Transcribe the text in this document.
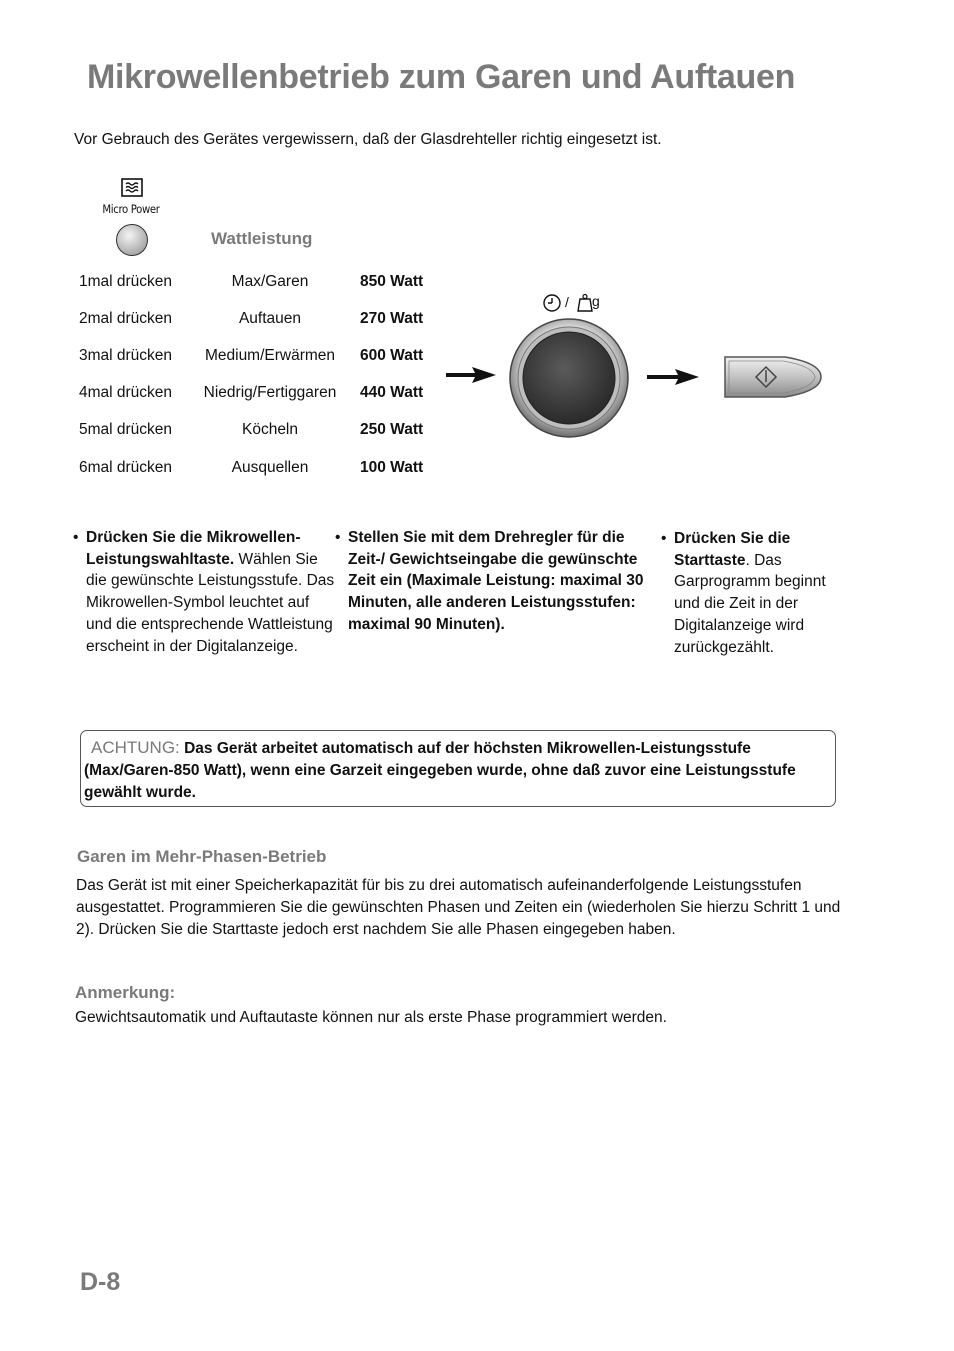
Mikrowellenbetrieb zum Garen und Auftauen
Vor Gebrauch des Gerätes vergewissern, daß der Glasdrehteller richtig eingesetzt ist.
Micro Power
Wattleistung
1mal drücken	Max/Garen	850 Watt
2mal drücken	Auftauen	270 Watt
3mal drücken	Medium/Erwärmen	600 Watt
4mal drücken	Niedrig/Fertiggaren	440 Watt
5mal drücken	Köcheln	250 Watt
6mal drücken	Ausquellen	100 Watt
/ g
• Drücken Sie die Mikrowellen-Leistungswahltaste. Wählen Sie die gewünschte Leistungsstufe. Das Mikrowellen-Symbol leuchtet auf und die entsprechende Wattleistung erscheint in der Digitalanzeige.
• Stellen Sie mit dem Drehregler für die Zeit-/ Gewichtseingabe die gewünschte Zeit ein (Maximale Leistung: maximal 30 Minuten, alle anderen Leistungsstufen: maximal 90 Minuten).
• Drücken Sie die Starttaste. Das Garprogramm beginnt und die Zeit in der Digitalanzeige wird zurückgezählt.
ACHTUNG: Das Gerät arbeitet automatisch auf der höchsten Mikrowellen-Leistungsstufe (Max/Garen-850 Watt), wenn eine Garzeit eingegeben wurde, ohne daß zuvor eine Leistungsstufe gewählt wurde.
Garen im Mehr-Phasen-Betrieb
Das Gerät ist mit einer Speicherkapazität für bis zu drei automatisch aufeinanderfolgende Leistungsstufen ausgestattet. Programmieren Sie die gewünschten Phasen und Zeiten ein (wiederholen Sie hierzu Schritt 1 und 2). Drücken Sie die Starttaste jedoch erst nachdem Sie alle Phasen eingegeben haben.
Anmerkung:
Gewichtsautomatik und Auftautaste können nur als erste Phase programmiert werden.
D-8
